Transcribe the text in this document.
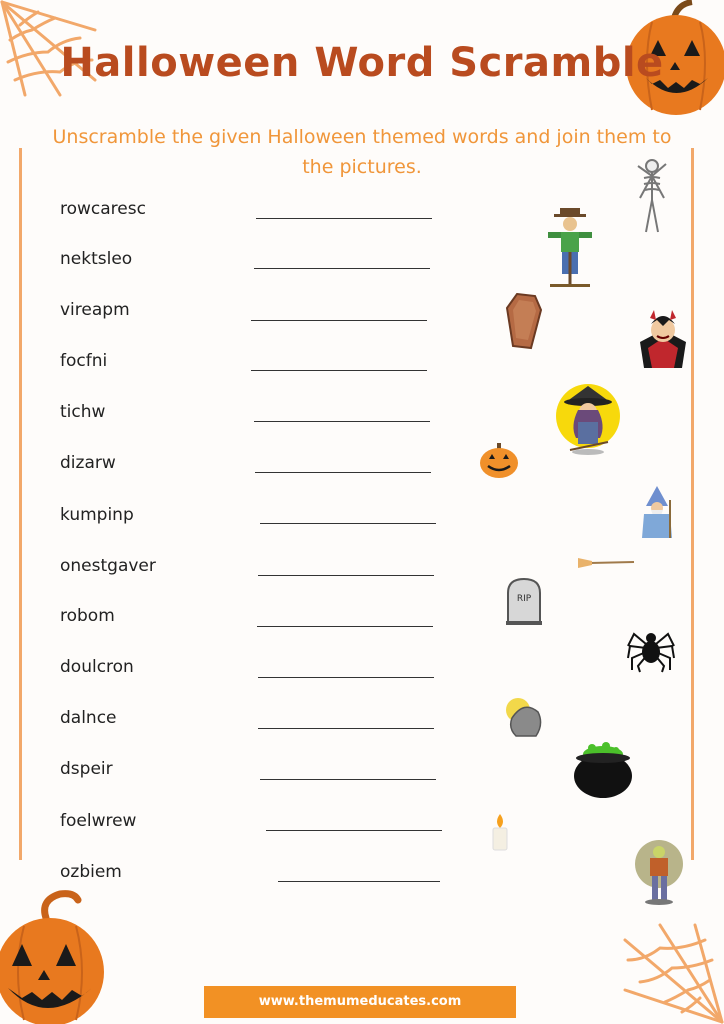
Halloween Word Scramble
Unscramble the given Halloween themed words and join them to the pictures.
rowcaresc
nektsleo
vireapm
focfni
tichw
dizarw
kumpinp
onestgaver
robom
doulcron
dalnce
dspeir
foelwrew
ozbiem
RIP
www.themumeducates.com
